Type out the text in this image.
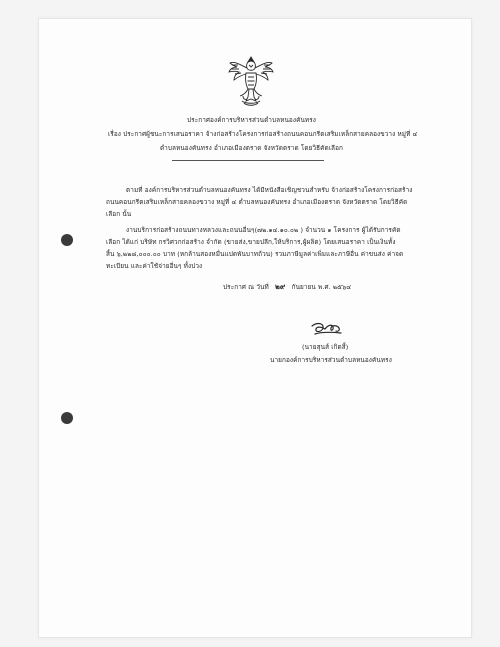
ประกาศองค์การบริหารส่วนตำบลหนองคันทรง
เรื่อง ประกาศผู้ชนะการเสนอราคา จ้างก่อสร้างโครงการก่อสร้างถนนคอนกรีตเสริมเหล็กสายคลองขวาง หมู่ที่ ๔
ตำบลหนองคันทรง อำเภอเมืองตราด จังหวัดตราด โดยวิธีคัดเลือก
ตามที่ องค์การบริหารส่วนตำบลหนองคันทรง ได้มีหนังสือเชิญชวนสำหรับ จ้างก่อสร้างโครงการก่อสร้าง
ถนนคอนกรีตเสริมเหล็กสายคลองขวาง หมู่ที่ ๔ ตำบลหนองคันทรง อำเภอเมืองตราด จังหวัดตราด โดยวิธีคัด
เลือก นั้น
งานบริการก่อสร้างถนนทางหลวงและถนนอื่นๆ(๗๒.๑๔.๑๐.๐๒ ) จำนวน ๑ โครงการ ผู้ได้รับการคัด
เลือก ได้แก่ บริษัท กรวิศวกก่อสร้าง จำกัด (ขายส่ง,ขายปลีก,ให้บริการ,ผู้ผลิต) โดยเสนอราคา เป็นเงินทั้ง
สิ้น ๖,๒๒๘,๐๐๐.๐๐ บาท (หกล้านสองหมื่นแปดพันบาทถ้วน) รวมภาษีมูลค่าเพิ่มและภาษีอื่น ค่าขนส่ง ค่าจด
ทะเบียน และค่าใช้จ่ายอื่นๆ ทั้งปวง
ประกาศ ณ วันที่ ๒๙ กันยายน พ.ศ. ๒๕๖๔
(นายสุนส์ เกิดสิ้)
นายกองค์การบริหารส่วนตำบลหนองคันทรง
